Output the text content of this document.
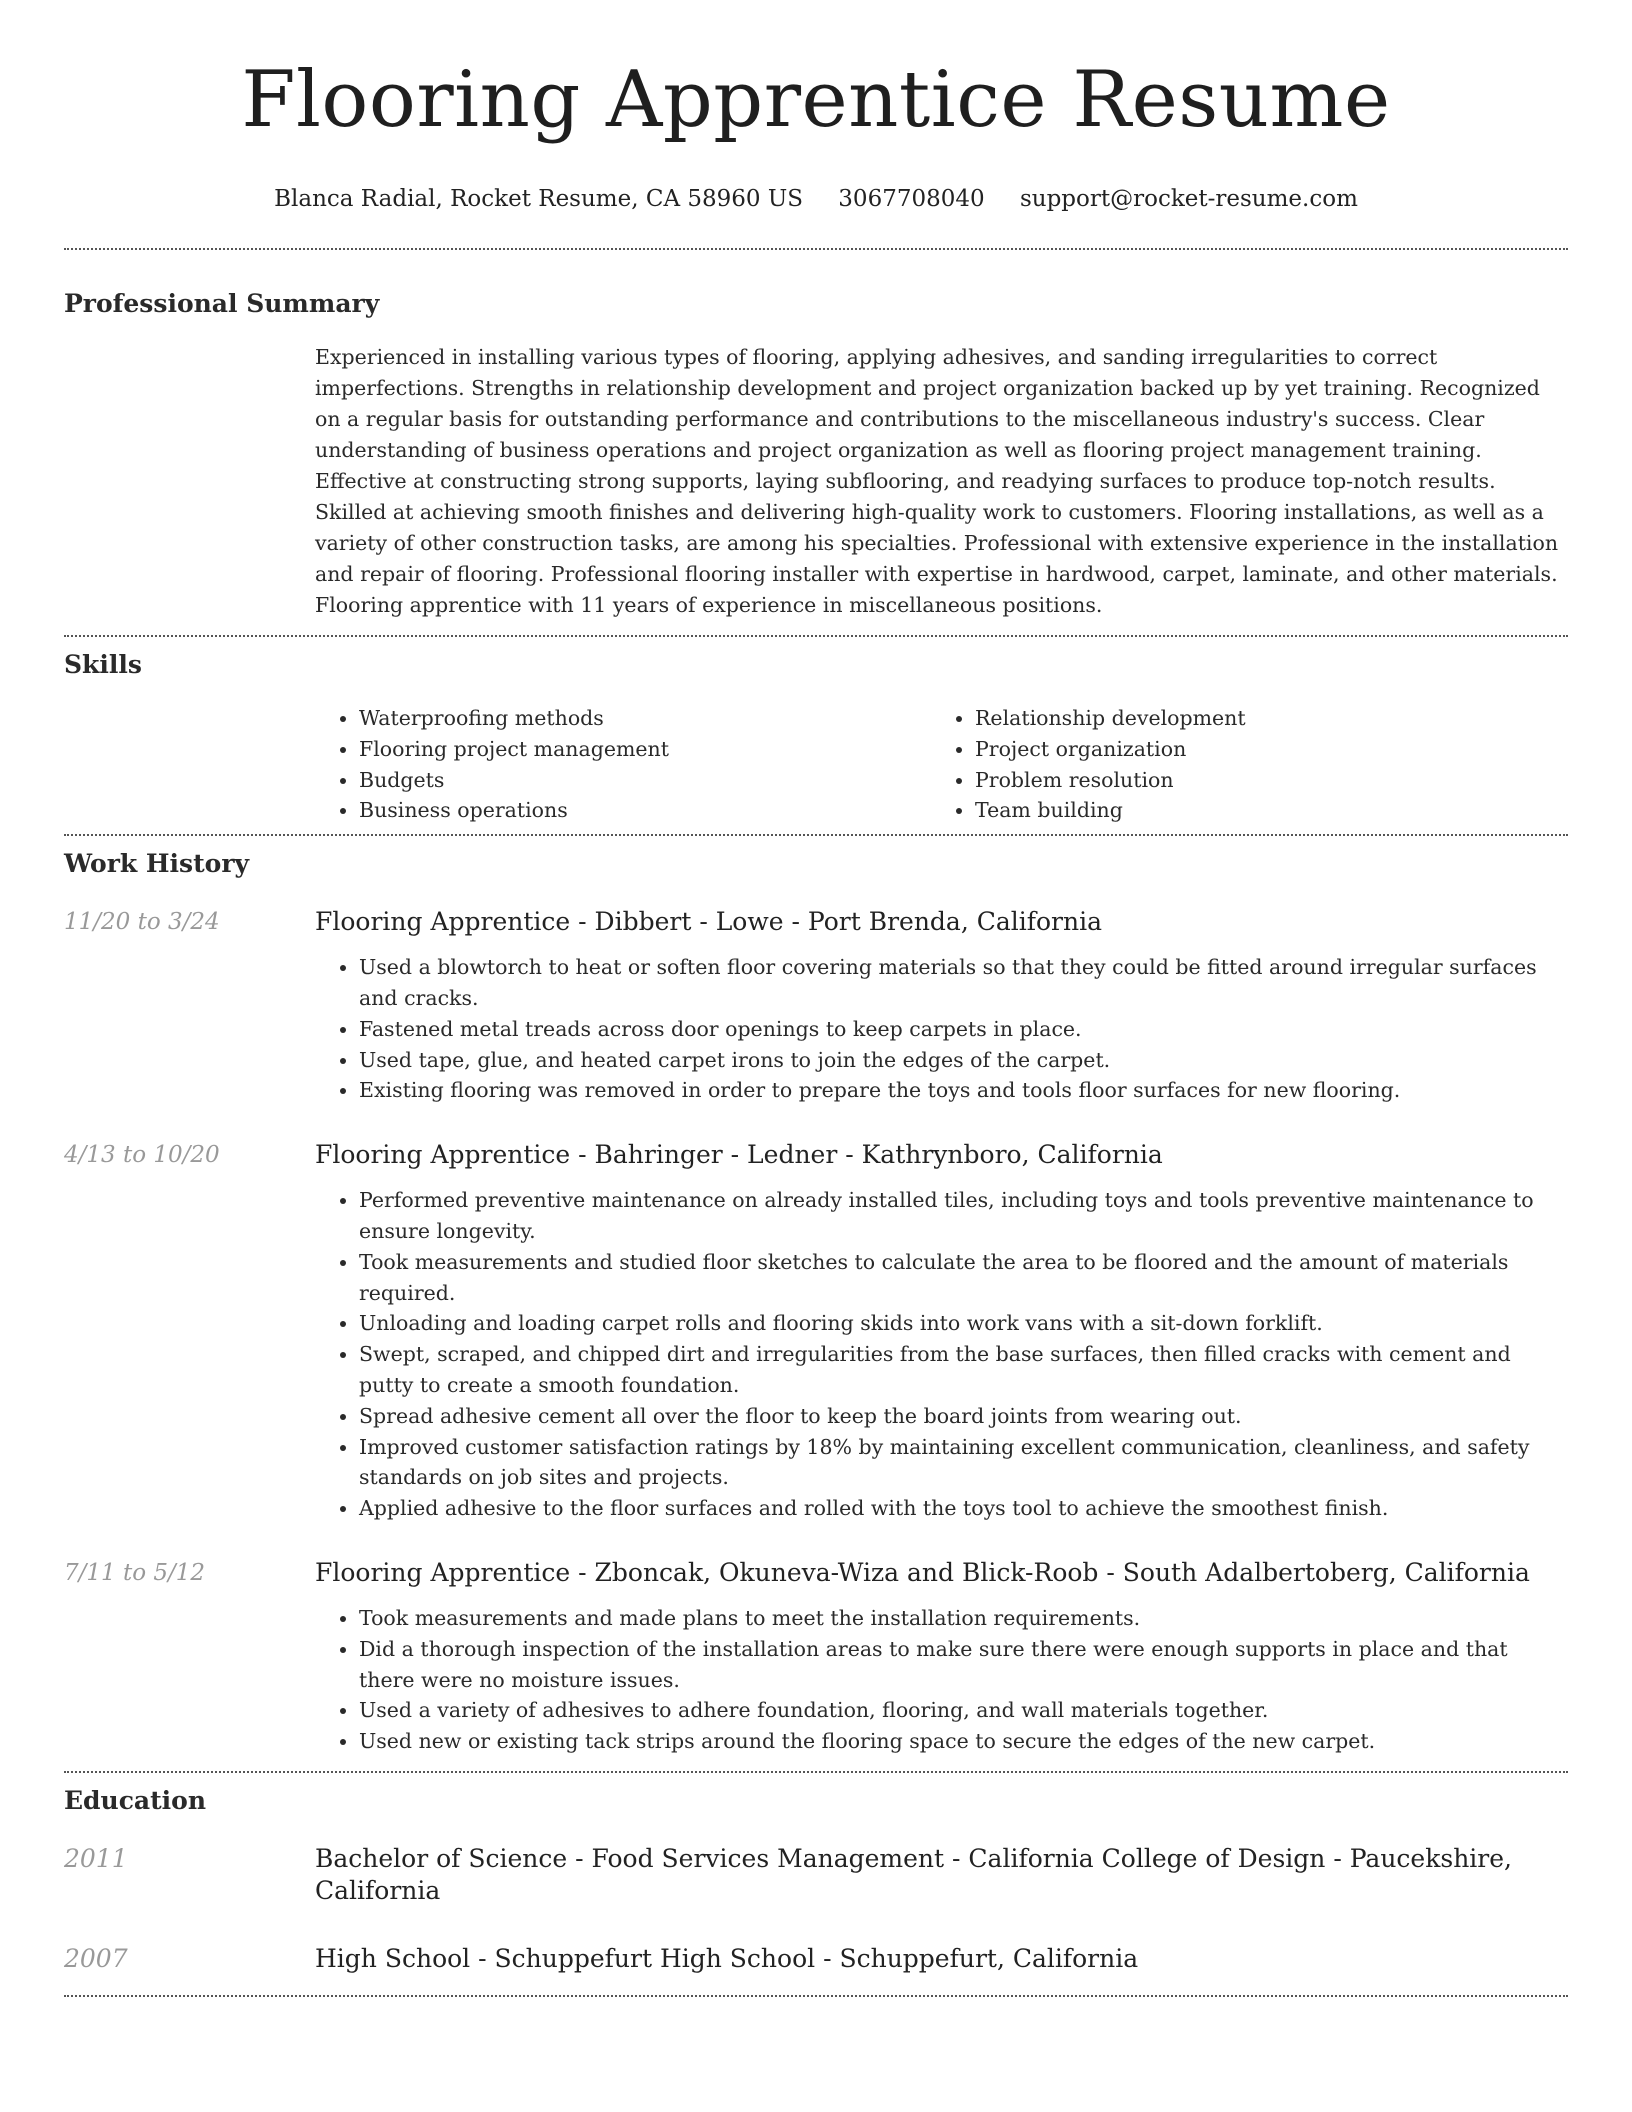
Flooring Apprentice Resume
Blanca Radial, Rocket Resume, CA 58960 US 3067708040 support@rocket-resume.com
Professional Summary

Experienced in installing various types of flooring, applying adhesives, and sanding irregularities to correct imperfections. Strengths in relationship development and project organization backed up by yet training. Recognized on a regular basis for outstanding performance and contributions to the miscellaneous industry's success. Clear understanding of business operations and project organization as well as flooring project management training. Effective at constructing strong supports, laying subflooring, and readying surfaces to produce top-notch results. Skilled at achieving smooth finishes and delivering high-quality work to customers. Flooring installations, as well as a variety of other construction tasks, are among his specialties. Professional with extensive experience in the installation and repair of flooring. Professional flooring installer with expertise in hardwood, carpet, laminate, and other materials. Flooring apprentice with 11 years of experience in miscellaneous positions.

Skills
• Waterproofing methods
• Flooring project management
• Budgets
• Business operations
• Relationship development
• Project organization
• Problem resolution
• Team building
Work History
11/20 to 3/24	Flooring Apprentice - Dibbert - Lowe - Port Brenda, California
• Used a blowtorch to heat or soften floor covering materials so that they could be fitted around irregular surfaces and cracks.
• Fastened metal treads across door openings to keep carpets in place.
• Used tape, glue, and heated carpet irons to join the edges of the carpet.
• Existing flooring was removed in order to prepare the toys and tools floor surfaces for new flooring.
4/13 to 10/20	Flooring Apprentice - Bahringer - Ledner - Kathrynboro, California
• Performed preventive maintenance on already installed tiles, including toys and tools preventive maintenance to ensure longevity.
• Took measurements and studied floor sketches to calculate the area to be floored and the amount of materials required.
• Unloading and loading carpet rolls and flooring skids into work vans with a sit-down forklift.
• Swept, scraped, and chipped dirt and irregularities from the base surfaces, then filled cracks with cement and putty to create a smooth foundation.
• Spread adhesive cement all over the floor to keep the board joints from wearing out.
• Improved customer satisfaction ratings by 18% by maintaining excellent communication, cleanliness, and safety standards on job sites and projects.
• Applied adhesive to the floor surfaces and rolled with the toys tool to achieve the smoothest finish.
7/11 to 5/12	Flooring Apprentice - Zboncak, Okuneva-Wiza and Blick-Roob - South Adalbertoberg, California
• Took measurements and made plans to meet the installation requirements.
• Did a thorough inspection of the installation areas to make sure there were enough supports in place and that there were no moisture issues.
• Used a variety of adhesives to adhere foundation, flooring, and wall materials together.
• Used new or existing tack strips around the flooring space to secure the edges of the new carpet.
Education
2011	Bachelor of Science - Food Services Management - California College of Design - Paucekshire, California
2007	High School - Schuppefurt High School - Schuppefurt, California
